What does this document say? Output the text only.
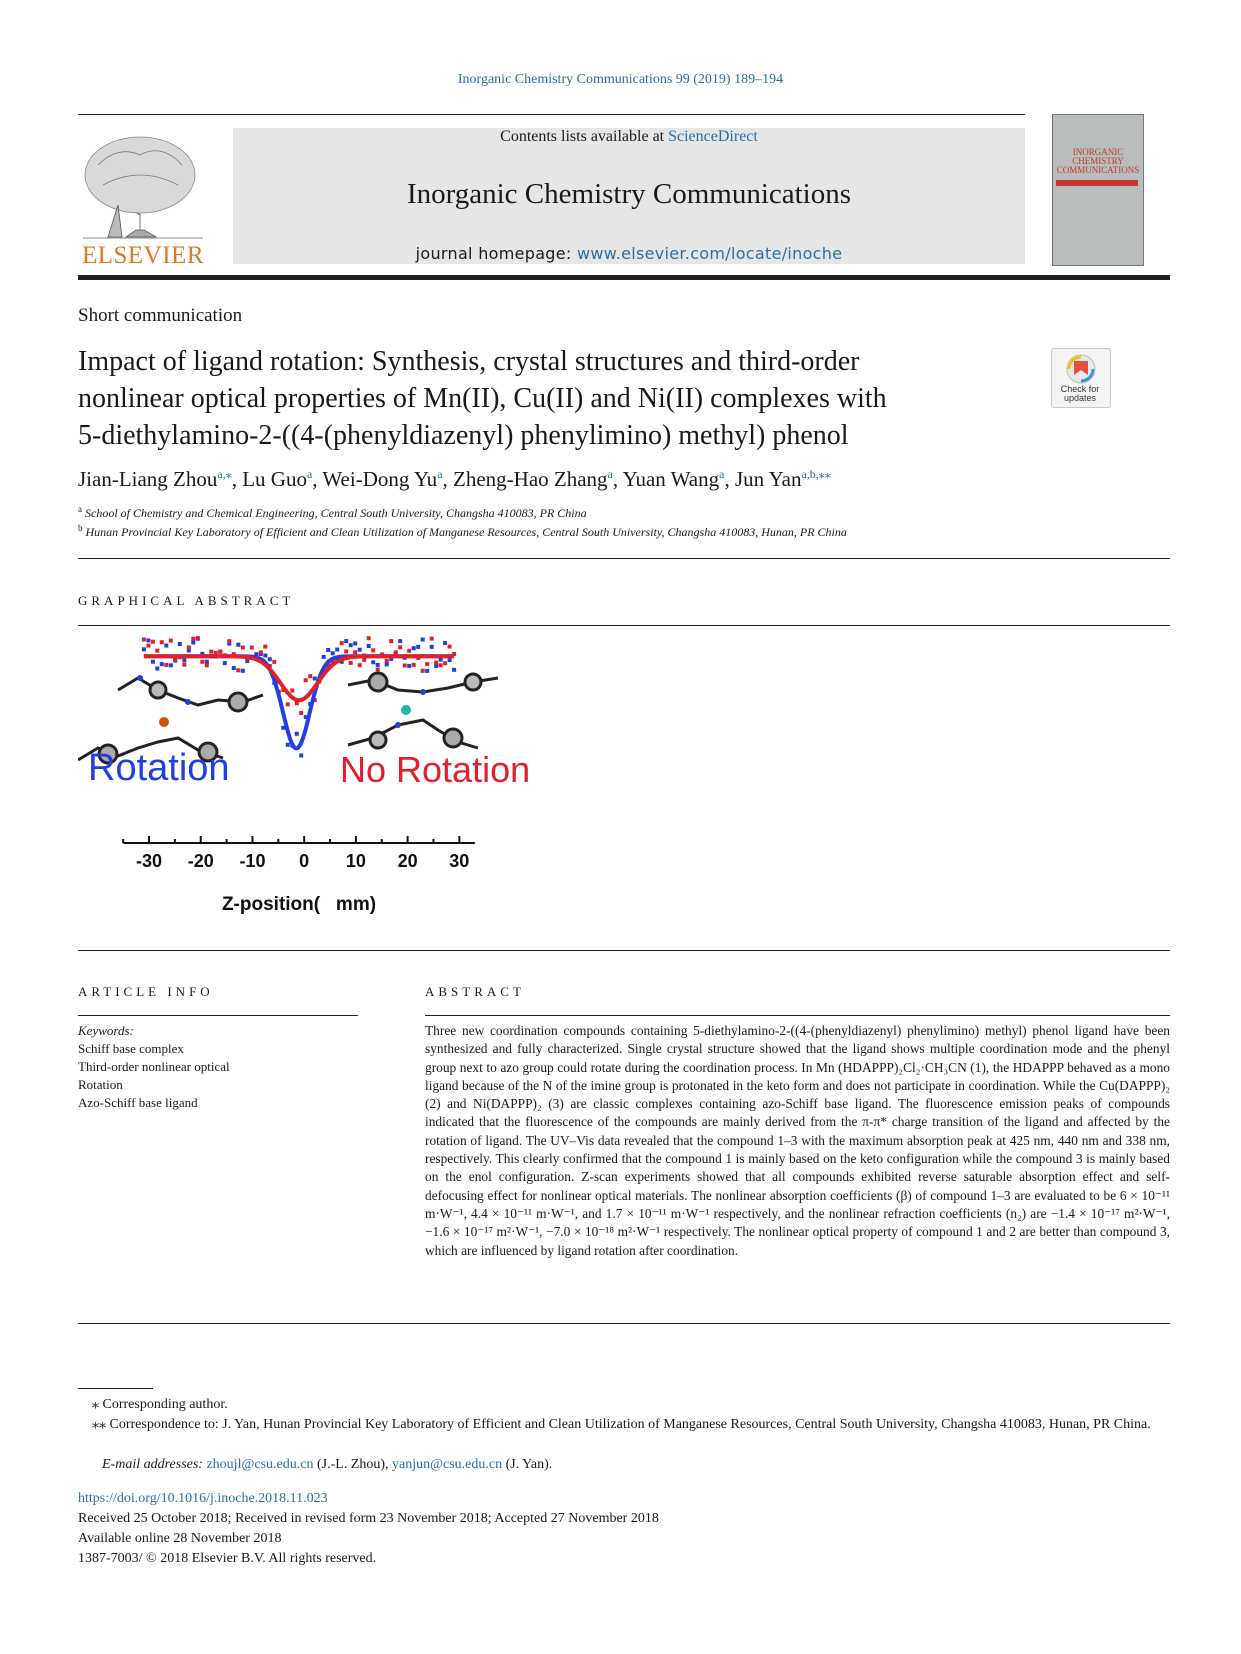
Inorganic Chemistry Communications 99 (2019) 189–194
ELSEVIER
Contents lists available at ScienceDirect
Inorganic Chemistry Communications
journal homepage: www.elsevier.com/locate/inoche
INORGANIC CHEMISTRY COMMUNICATIONS
Short communication
Impact of ligand rotation: Synthesis, crystal structures and third-order
nonlinear optical properties of Mn(II), Cu(II) and Ni(II) complexes with
5-diethylamino-2-((4-(phenyldiazenyl) phenylimino) methyl) phenol
Check for updates
Jian-Liang Zhou$^{a,⁎}$, Lu Guo$^a$, Wei-Dong Yu$^a$, Zheng-Hao Zhang$^a$, Yuan Wang$^a$, Jun Yan$^{a,b,⁎⁎}$
$^a$ School of Chemistry and Chemical Engineering, Central South University, Changsha 410083, PR China
$^b$ Hunan Provincial Key Laboratory of Efficient and Clean Utilization of Manganese Resources, Central South University, Changsha 410083, Hunan, PR China
GRAPHICAL ABSTRACT
Rotation	No Rotation
-30 -20 -10 0 10 20 30
Z-position(   mm)
ARTICLE INFO
Keywords:
Schiff base complex
Third-order nonlinear optical
Rotation
Azo-Schiff base ligand
ABSTRACT
Three new coordination compounds containing 5-diethylamino-2-((4-(phenyldiazenyl) phenylimino) methyl) phenol ligand have been synthesized and fully characterized. Single crystal structure showed that the ligand shows multiple coordination mode and the phenyl group next to azo group could rotate during the coordination process. In Mn (HDAPPP)₂Cl₂·CH₃CN (1), the HDAPPP behaved as a mono ligand because of the N of the imine group is protonated in the keto form and does not participate in coordination. While the Cu(DAPPP)₂ (2) and Ni(DAPPP)₂ (3) are classic complexes containing azo-Schiff base ligand. The fluorescence emission peaks of compounds indicated that the fluorescence of the compounds are mainly derived from the π-π* charge transition of the ligand and affected by the rotation of ligand. The UV–Vis data revealed that the compound 1–3 with the maximum absorption peak at 425 nm, 440 nm and 338 nm, respectively. This clearly confirmed that the compound 1 is mainly based on the keto configuration while the compound 3 is mainly based on the enol configuration. Z-scan experiments showed that all compounds exhibited reverse saturable absorption effect and self-defocusing effect for nonlinear optical materials. The nonlinear absorption coefficients (β) of compound 1–3 are evaluated to be 6 × 10⁻¹¹ m·W⁻¹, 4.4 × 10⁻¹¹ m·W⁻¹, and 1.7 × 10⁻¹¹ m·W⁻¹ respectively, and the nonlinear refraction coefficients (n₂) are −1.4 × 10⁻¹⁷ m²·W⁻¹, −1.6 × 10⁻¹⁷ m²·W⁻¹, −7.0 × 10⁻¹⁸ m²·W⁻¹ respectively. The nonlinear optical property of compound 1 and 2 are better than compound 3, which are influenced by ligand rotation after coordination.
⁎ Corresponding author.
⁎⁎ Correspondence to: J. Yan, Hunan Provincial Key Laboratory of Efficient and Clean Utilization of Manganese Resources, Central South University, Changsha 410083, Hunan, PR China.
E-mail addresses: zhoujl@csu.edu.cn (J.-L. Zhou), yanjun@csu.edu.cn (J. Yan).
https://doi.org/10.1016/j.inoche.2018.11.023
Received 25 October 2018; Received in revised form 23 November 2018; Accepted 27 November 2018
Available online 28 November 2018
1387-7003/ © 2018 Elsevier B.V. All rights reserved.
